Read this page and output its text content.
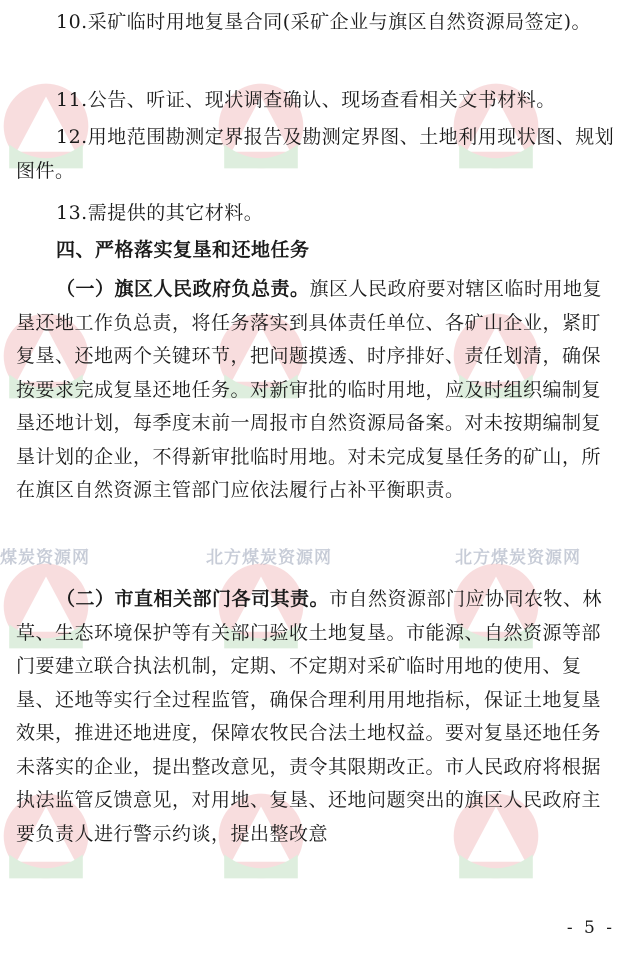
煤炭资源网	北方煤炭资源网	北方煤炭资源网

10.采矿临时用地复垦合同(采矿企业与旗区自然资源局签定)。

11.公告、听证、现状调查确认、现场查看相关文书材料。

12.用地范围勘测定界报告及勘测定界图、土地利用现状图、规划图件。

13.需提供的其它材料。

四、严格落实复垦和还地任务

（一）旗区人民政府负总责。旗区人民政府要对辖区临时用地复垦还地工作负总责，将任务落实到具体责任单位、各矿山企业，紧盯复垦、还地两个关键环节，把问题摸透、时序排好、责任划清，确保按要求完成复垦还地任务。对新审批的临时用地，应及时组织编制复垦还地计划，每季度末前一周报市自然资源局备案。对未按期编制复垦计划的企业，不得新审批临时用地。对未完成复垦任务的矿山，所在旗区自然资源主管部门应依法履行占补平衡职责。

（二）市直相关部门各司其责。市自然资源部门应协同农牧、林草、生态环境保护等有关部门验收土地复垦。市能源、自然资源等部门要建立联合执法机制，定期、不定期对采矿临时用地的使用、复垦、还地等实行全过程监管，确保合理利用用地指标，保证土地复垦效果，推进还地进度，保障农牧民合法土地权益。要对复垦还地任务未落实的企业，提出整改意见，责令其限期改正。市人民政府将根据执法监管反馈意见，对用地、复垦、还地问题突出的旗区人民政府主要负责人进行警示约谈，提出整改意

- 5 -
